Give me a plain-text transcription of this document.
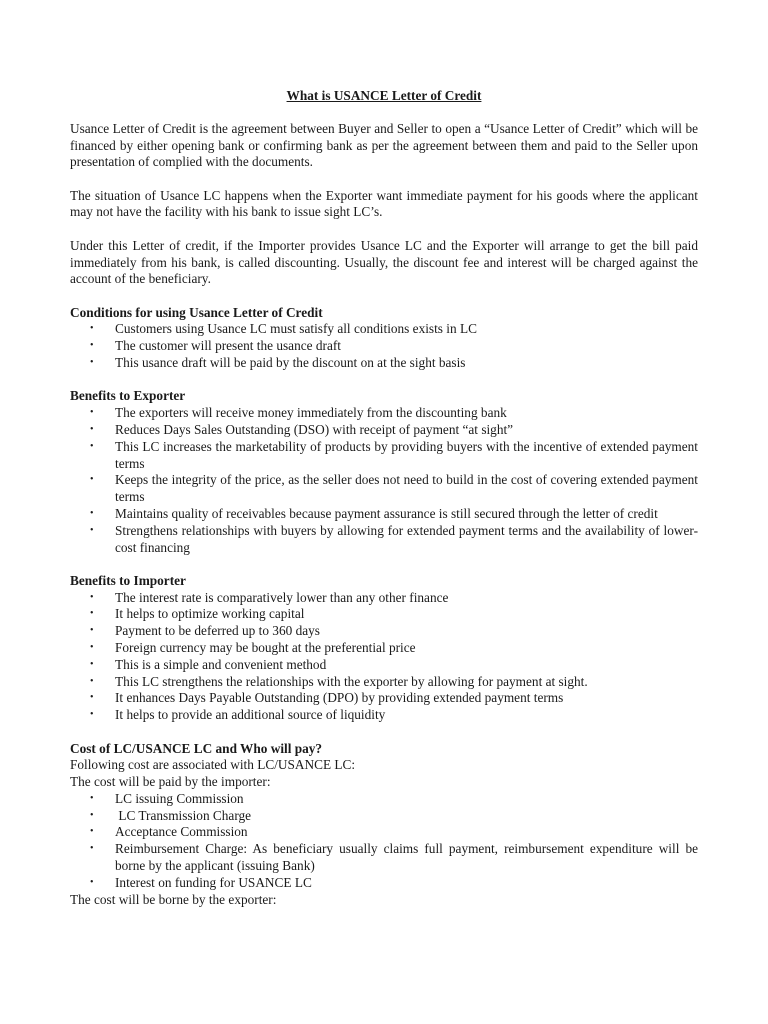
What is USANCE Letter of Credit

Usance Letter of Credit is the agreement between Buyer and Seller to open a “Usance Letter of Credit” which will be financed by either opening bank or confirming bank as per the agreement between them and paid to the Seller upon presentation of complied with the documents.

The situation of Usance LC happens when the Exporter want immediate payment for his goods where the applicant may not have the facility with his bank to issue sight LC’s.

Under this Letter of credit, if the Importer provides Usance LC and the Exporter will arrange to get the bill paid immediately from his bank, is called discounting. Usually, the discount fee and interest will be charged against the account of the beneficiary.

Conditions for using Usance Letter of Credit

• Customers using Usance LC must satisfy all conditions exists in LC
• The customer will present the usance draft
• This usance draft will be paid by the discount on at the sight basis

Benefits to Exporter

• The exporters will receive money immediately from the discounting bank
• Reduces Days Sales Outstanding (DSO) with receipt of payment “at sight”
• This LC increases the marketability of products by providing buyers with the incentive of extended payment terms
• Keeps the integrity of the price, as the seller does not need to build in the cost of covering extended payment terms
• Maintains quality of receivables because payment assurance is still secured through the letter of credit
• Strengthens relationships with buyers by allowing for extended payment terms and the availability of lower-cost financing

Benefits to Importer

• The interest rate is comparatively lower than any other finance
• It helps to optimize working capital
• Payment to be deferred up to 360 days
• Foreign currency may be bought at the preferential price
• This is a simple and convenient method
• This LC strengthens the relationships with the exporter by allowing for payment at sight.
• It enhances Days Payable Outstanding (DPO) by providing extended payment terms
• It helps to provide an additional source of liquidity

Cost of LC/USANCE LC and Who will pay?

Following cost are associated with LC/USANCE LC:

The cost will be paid by the importer:

• LC issuing Commission
• LC Transmission Charge
• Acceptance Commission
• Reimbursement Charge: As beneficiary usually claims full payment, reimbursement expenditure will be borne by the applicant (issuing Bank)
• Interest on funding for USANCE LC

The cost will be borne by the exporter:
